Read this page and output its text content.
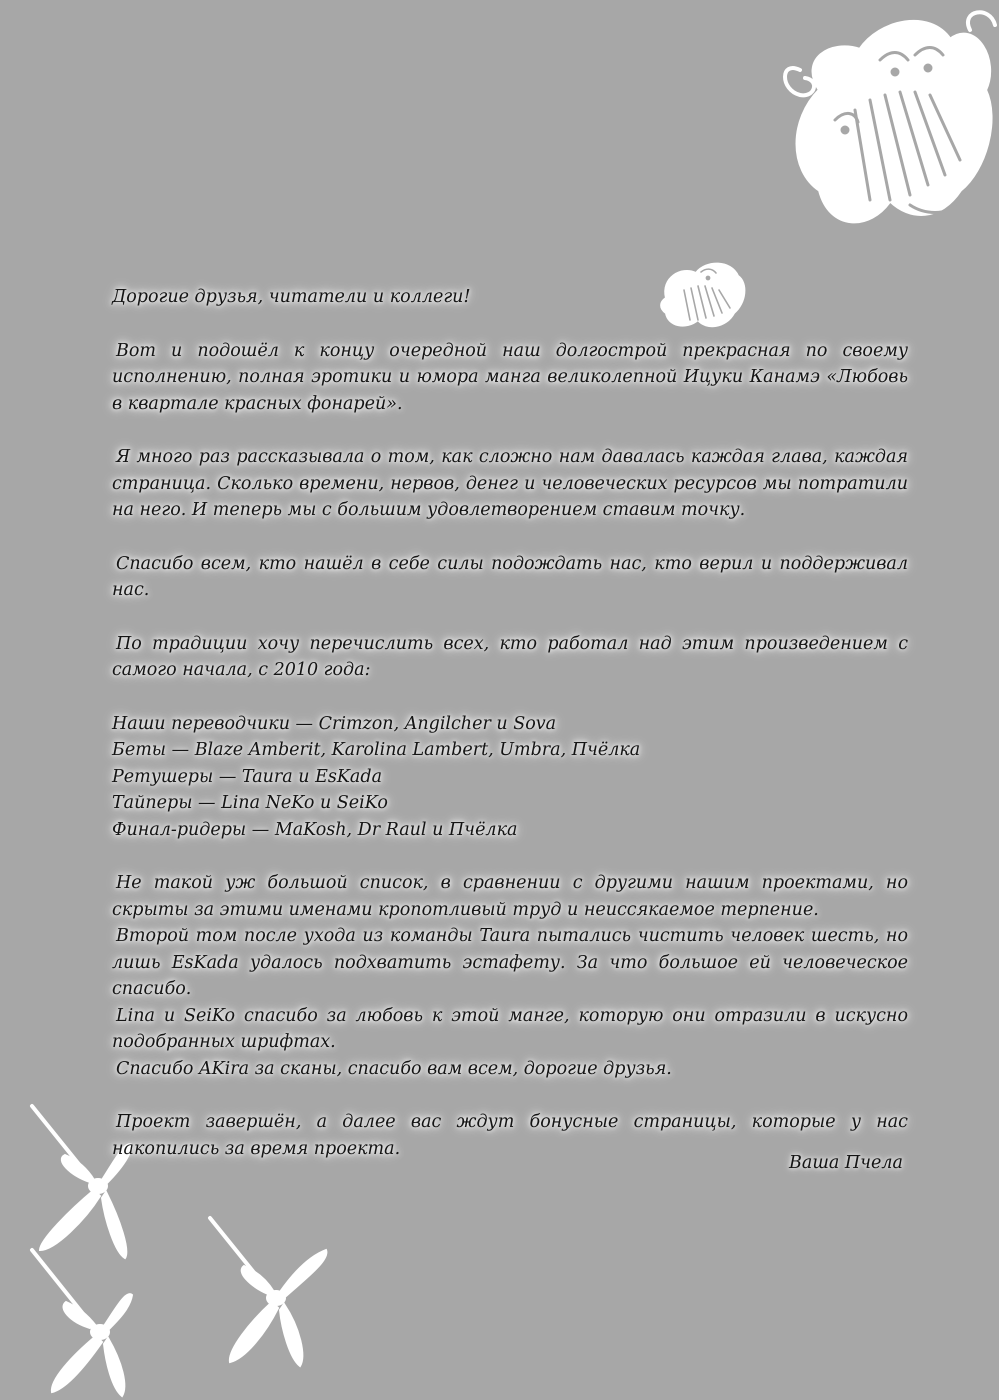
Дорогие друзья, читатели и коллеги!

Вот и подошёл к концу очередной наш долгострой прекрасная по своему исполнению, полная эротики и юмора манга великолепной Ицуки Канамэ «Любовь в квартале красных фонарей».

Я много раз рассказывала о том, как сложно нам давалась каждая глава, каждая страница. Сколько времени, нервов, денег и человеческих ресурсов мы потратили на него. И теперь мы с большим удовлетворением ставим точку.

Спасибо всем, кто нашёл в себе силы подождать нас, кто верил и поддерживал нас.

По традиции хочу перечислить всех, кто работал над этим произведением с самого начала, с 2010 года:

Наши переводчики — Crimzon, Angilcher и Sova
Беты — Blaze Amberit, Karolina Lambert, Umbra, Пчёлка
Ретушеры — Taura и EsKada
Тайперы — Lina NeKo и SeiKo
Финал-ридеры — MaKosh, Dr Raul и Пчёлка

Не такой уж большой список, в сравнении с другими нашим проектами, но скрыты за этими именами кропотливый труд и неиссякаемое терпение.

Второй том после ухода из команды Taura пытались чистить человек шесть, но лишь EsKada удалось подхватить эстафету. За что большое ей человеческое спасибо.

Lina и SeiKo спасибо за любовь к этой манге, которую они отразили в искусно подобранных шрифтах.

Спасибо AKira за сканы, спасибо вам всем, дорогие друзья.

Проект завершён, а далее вас ждут бонусные страницы, которые у нас накопились за время проекта.

Ваша Пчела
